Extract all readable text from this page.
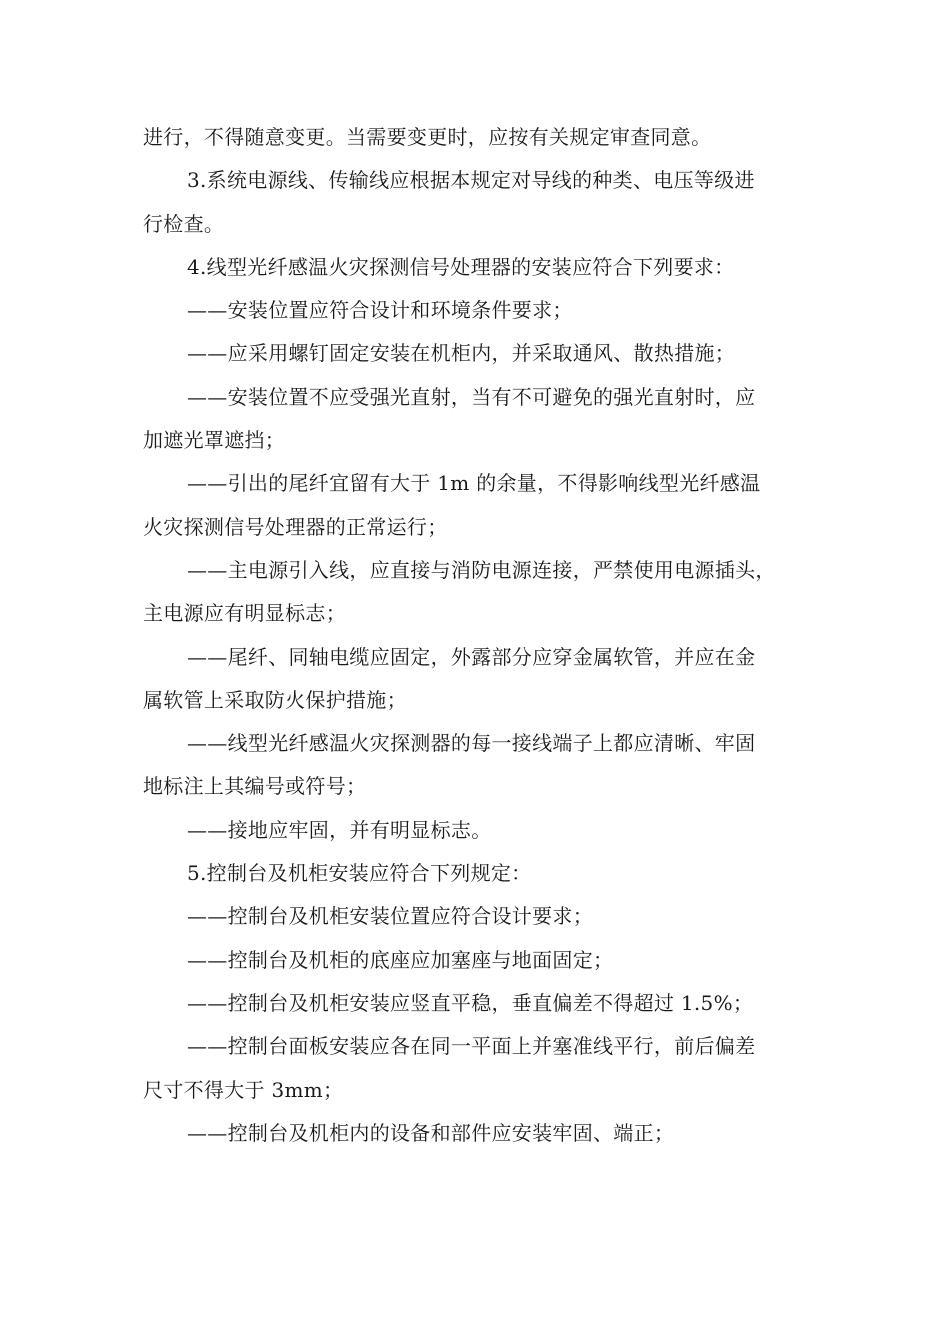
进行，不得随意变更。当需要变更时，应按有关规定审查同意。
3.系统电源线、传输线应根据本规定对导线的种类、电压等级进
行检查。
4.线型光纤感温火灾探测信号处理器的安装应符合下列要求：
——安装位置应符合设计和环境条件要求；
——应采用螺钉固定安装在机柜内，并采取通风、散热措施；
——安装位置不应受强光直射，当有不可避免的强光直射时，应
加遮光罩遮挡；
——引出的尾纤宜留有大于 1m 的余量，不得影响线型光纤感温
火灾探测信号处理器的正常运行；
——主电源引入线，应直接与消防电源连接，严禁使用电源插头，
主电源应有明显标志；
——尾纤、同轴电缆应固定，外露部分应穿金属软管，并应在金
属软管上采取防火保护措施；
——线型光纤感温火灾探测器的每一接线端子上都应清晰、牢固
地标注上其编号或符号；
——接地应牢固，并有明显标志。
5.控制台及机柜安装应符合下列规定：
——控制台及机柜安装位置应符合设计要求；
——控制台及机柜的底座应加塞座与地面固定；
——控制台及机柜安装应竖直平稳，垂直偏差不得超过 1.5%；
——控制台面板安装应各在同一平面上并塞准线平行，前后偏差
尺寸不得大于 3mm；
——控制台及机柜内的设备和部件应安装牢固、端正；
